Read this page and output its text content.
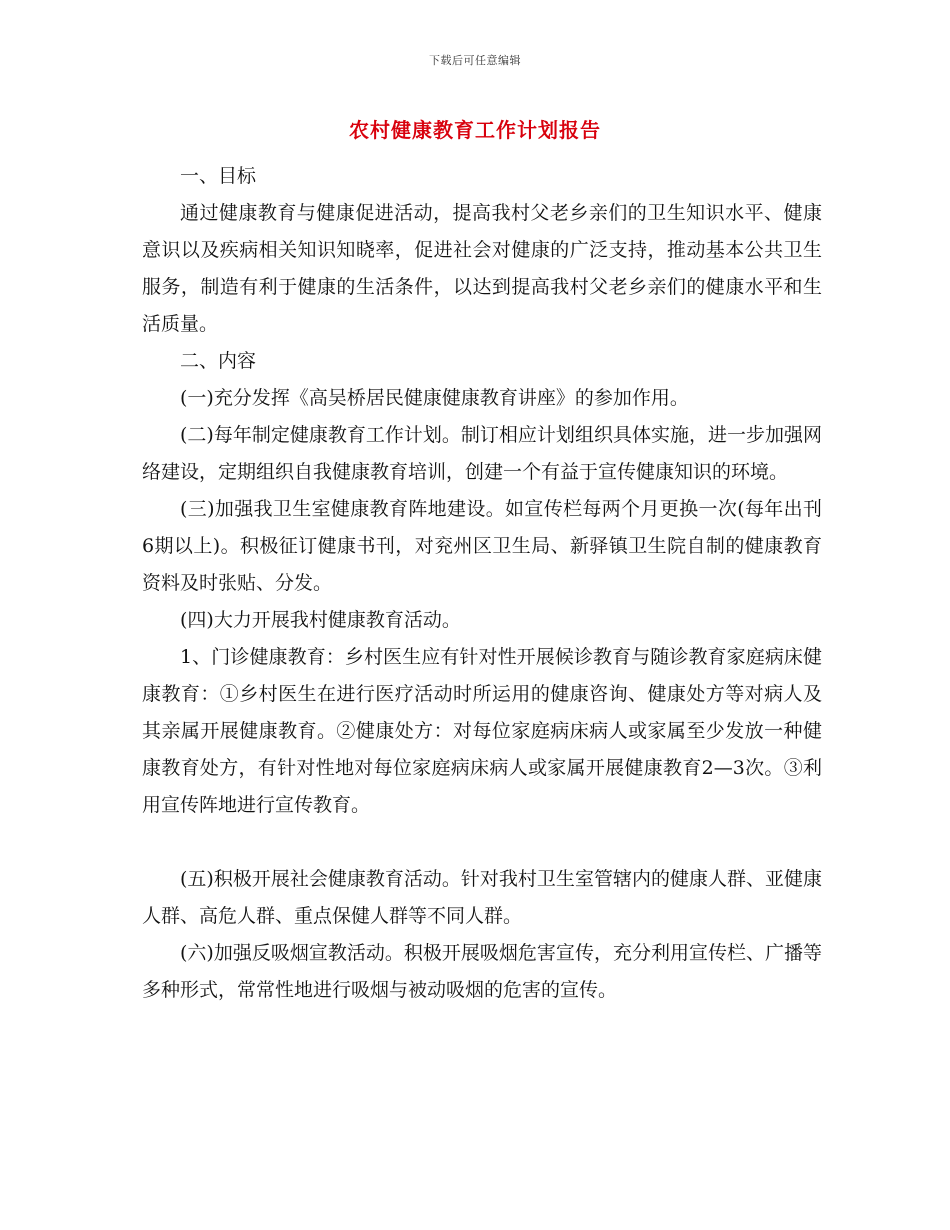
下载后可任意编辑
农村健康教育工作计划报告

一、目标

通过健康教育与健康促进活动，提高我村父老乡亲们的卫生知识水平、健康意识以及疾病相关知识知晓率，促进社会对健康的广泛支持，推动基本公共卫生服务，制造有利于健康的生活条件，以达到提高我村父老乡亲们的健康水平和生活质量。

二、内容

(一)充分发挥《高吴桥居民健康健康教育讲座》的参加作用。

(二)每年制定健康教育工作计划。制订相应计划组织具体实施，进一步加强网络建设，定期组织自我健康教育培训，创建一个有益于宣传健康知识的环境。

(三)加强我卫生室健康教育阵地建设。如宣传栏每两个月更换一次(每年出刊6期以上)。积极征订健康书刊，对兖州区卫生局、新驿镇卫生院自制的健康教育资料及时张贴、分发。

(四)大力开展我村健康教育活动。

1、门诊健康教育：乡村医生应有针对性开展候诊教育与随诊教育家庭病床健康教育：①乡村医生在进行医疗活动时所运用的健康咨询、健康处方等对病人及其亲属开展健康教育。②健康处方：对每位家庭病床病人或家属至少发放一种健康教育处方，有针对性地对每位家庭病床病人或家属开展健康教育2—3次。③利用宣传阵地进行宣传教育。

(五)积极开展社会健康教育活动。针对我村卫生室管辖内的健康人群、亚健康人群、高危人群、重点保健人群等不同人群。

(六)加强反吸烟宣教活动。积极开展吸烟危害宣传，充分利用宣传栏、广播等多种形式，常常性地进行吸烟与被动吸烟的危害的宣传。
